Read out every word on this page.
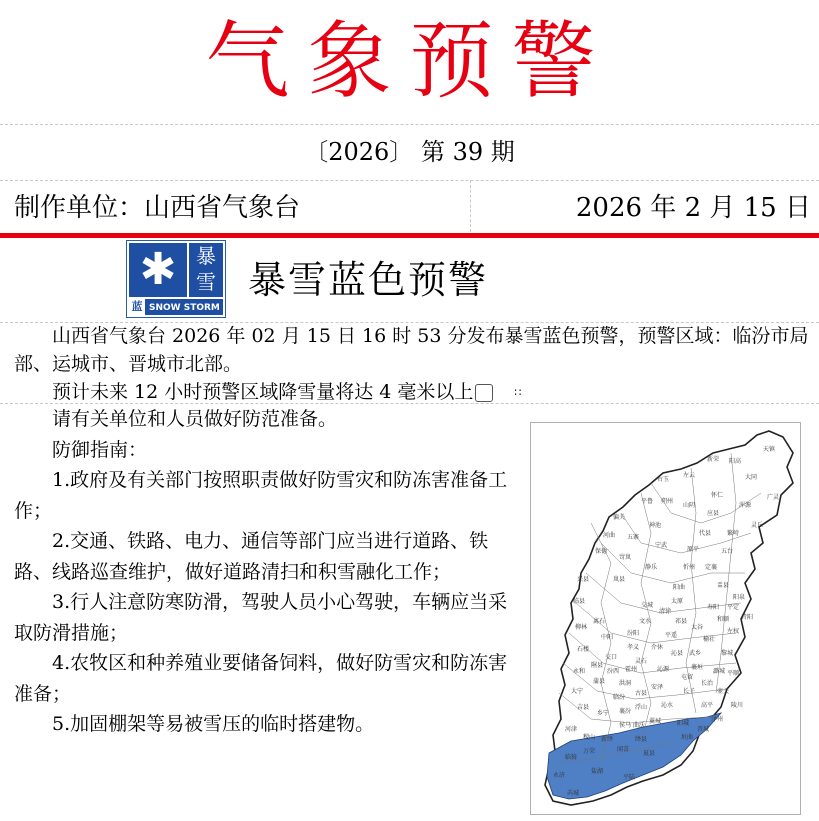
气象预警
〔2026〕 第 39 期
制作单位：山西省气象台	2026 年 2 月 15 日
✱ 暴
雪
蓝 SNOW STORM
暴雪蓝色预警

山西省气象台 2026 年 02 月 15 日 16 时 53 分发布暴雪蓝色预警，预警区域：临汾市局部、运城市、晋城市北部。

预计未来 12 小时预警区域降雪量将达 4 毫米以上	∷

请有关单位和人员做好防范准备。

防御指南：

1.政府及有关部门按照职责做好防雪灾和防冻害准备工作；

2.交通、铁路、电力、通信等部门应当进行道路、铁路、线路巡查维护，做好道路清扫和积雪融化工作；

3.行人注意防寒防滑，驾驶人员小心驾驶，车辆应当采取防滑措施；

4.农牧区和种养殖业要储备饲料，做好防雪灾和防冻害准备；

5.加固棚架等易被雪压的临时搭建物。

天镇
阳高
大同
新荣
左云
右玉
怀仁
浑源
广灵
灵丘
应县
山阴
朔州
平鲁
偏关
河曲
保德
神池
五寨
宁武
原平
代县	繁峙
五台
忻州 定襄
岢岚
兴县	岚县
静乐
阳曲	盂县
平定
阳泉
寿阳
太原
清徐
交城
文水
汾阳
孝义
离石
临县
柳林
中阳
石楼
交口
灵石
介休
平遥
祁县
太谷
榆社
左权
和顺 昔阳
武乡
沁县
沁源	襄垣
黎城
潞城
长治
屯留
长子	壶关
平顺
陵川
高平
泽州
晋城
阳城
沁水
安泽
古县
浮山
翼城
曲沃
侯马
襄汾
临汾
洪洞
霍州
汾西
蒲县
隰县
永和
大宁
吉县
乡宁
河津
稷山 新绛	绛县	垣曲
闻喜
夏县
平陆
芮城
永济
临猗
万荣
盐湖
